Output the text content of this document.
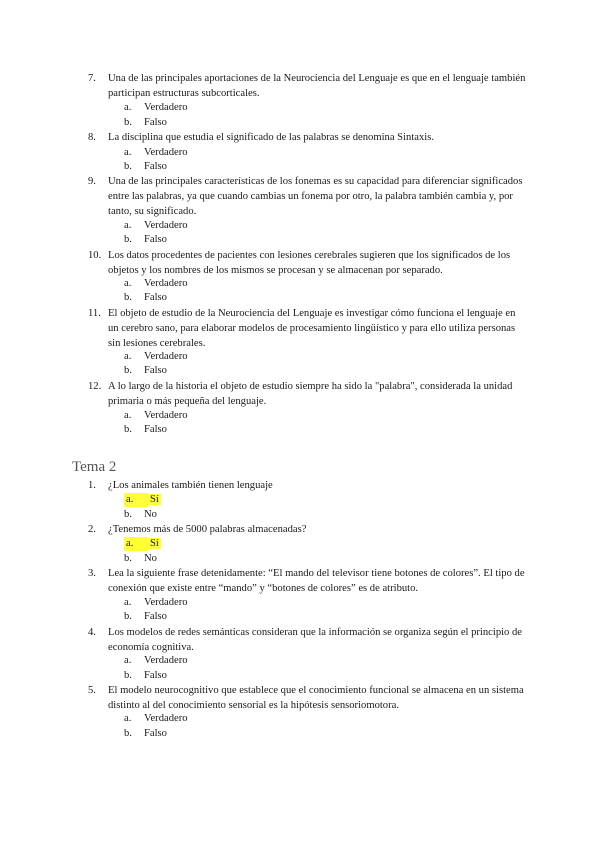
7.	Una de las principales aportaciones de la Neurociencia del Lenguaje es que en el lenguaje también participan estructuras subcorticales.
a. Verdadero
b. Falso
8.	La disciplina que estudia el significado de las palabras se denomina Sintaxis.
a. Verdadero
b. Falso
9.	Una de las principales características de los fonemas es su capacidad para diferenciar significados entre las palabras, ya que cuando cambias un fonema por otro, la palabra también cambia y, por tanto, su significado.
a. Verdadero
b. Falso
10. Los datos procedentes de pacientes con lesiones cerebrales sugieren que los significados de los objetos y los nombres de los mismos se procesan y se almacenan por separado.
a. Verdadero
b. Falso
11. El objeto de estudio de la Neurociencia del Lenguaje es investigar cómo funciona el lenguaje en un cerebro sano, para elaborar modelos de procesamiento lingüístico y para ello utiliza personas sin lesiones cerebrales.
a. Verdadero
b. Falso
12. A lo largo de la historia el objeto de estudio siempre ha sido la "palabra", considerada la unidad primaria o más pequeña del lenguaje.
a. Verdadero
b. Falso
Tema 2
1.	¿Los animales también tienen lenguaje
a. Sí
b. No
2.	¿Tenemos más de 5000 palabras almacenadas?
a. Sí
b. No
3.	Lea la siguiente frase detenidamente: “El mando del televisor tiene botones de colores”. El tipo de conexión que existe entre “mando” y “botones de colores” es de atributo.
a. Verdadero
b. Falso
4.	Los modelos de redes semánticas consideran que la información se organiza según el principio de economía cognitiva.
a. Verdadero
b. Falso
5.	El modelo neurocognitivo que establece que el conocimiento funcional se almacena en un sistema distinto al del conocimiento sensorial es la hipótesis sensoriomotora.
a. Verdadero
b. Falso
